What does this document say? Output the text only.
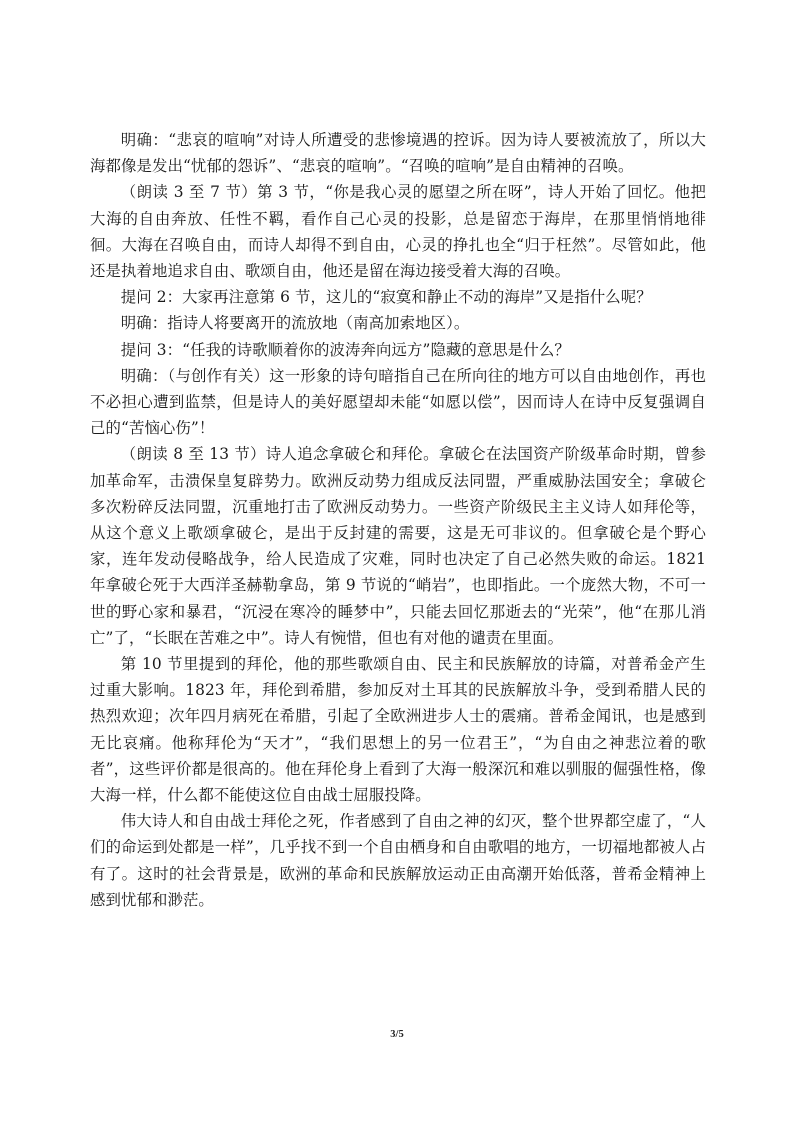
明确：“悲哀的喧响”对诗人所遭受的悲惨境遇的控诉。因为诗人要被流放了，所以大海都像是发出“忧郁的怨诉”、“悲哀的喧响”。“召唤的喧响”是自由精神的召唤。

（朗读 3 至 7 节）第 3 节，“你是我心灵的愿望之所在呀”，诗人开始了回忆。他把大海的自由奔放、任性不羁，看作自己心灵的投影，总是留恋于海岸，在那里悄悄地徘徊。大海在召唤自由，而诗人却得不到自由，心灵的挣扎也全“归于枉然”。尽管如此，他还是执着地追求自由、歌颂自由，他还是留在海边接受着大海的召唤。

提问 2：大家再注意第 6 节，这儿的“寂寞和静止不动的海岸”又是指什么呢？

明确：指诗人将要离开的流放地（南高加索地区）。

提问 3：“任我的诗歌顺着你的波涛奔向远方”隐藏的意思是什么？

明确：（与创作有关）这一形象的诗句暗指自己在所向往的地方可以自由地创作，再也不必担心遭到监禁，但是诗人的美好愿望却未能“如愿以偿”，因而诗人在诗中反复强调自己的“苦恼心伤”！

（朗读 8 至 13 节）诗人追念拿破仑和拜伦。拿破仑在法国资产阶级革命时期，曾参加革命军，击溃保皇复辟势力。欧洲反动势力组成反法同盟，严重威胁法国安全；拿破仑多次粉碎反法同盟，沉重地打击了欧洲反动势力。一些资产阶级民主主义诗人如拜伦等，从这个意义上歌颂拿破仑，是出于反封建的需要，这是无可非议的。但拿破仑是个野心家，连年发动侵略战争，给人民造成了灾难，同时也决定了自己必然失败的命运。1821 年拿破仑死于大西洋圣赫勒拿岛，第 9 节说的“峭岩”，也即指此。一个庞然大物，不可一世的野心家和暴君，“沉浸在寒冷的睡梦中”，只能去回忆那逝去的“光荣”，他“在那儿消亡”了，“长眠在苦难之中”。诗人有惋惜，但也有对他的谴责在里面。

第 10 节里提到的拜伦，他的那些歌颂自由、民主和民族解放的诗篇，对普希金产生过重大影响。1823 年，拜伦到希腊，参加反对土耳其的民族解放斗争，受到希腊人民的热烈欢迎；次年四月病死在希腊，引起了全欧洲进步人士的震痛。普希金闻讯，也是感到无比哀痛。他称拜伦为“天才”，“我们思想上的另一位君王”，“为自由之神悲泣着的歌者”，这些评价都是很高的。他在拜伦身上看到了大海一般深沉和难以驯服的倔强性格，像大海一样，什么都不能使这位自由战士屈服投降。

伟大诗人和自由战士拜伦之死，作者感到了自由之神的幻灭，整个世界都空虚了，“人们的命运到处都是一样”，几乎找不到一个自由栖身和自由歌唱的地方，一切福地都被人占有了。这时的社会背景是，欧洲的革命和民族解放运动正由高潮开始低落，普希金精神上感到忧郁和渺茫。

3/5
